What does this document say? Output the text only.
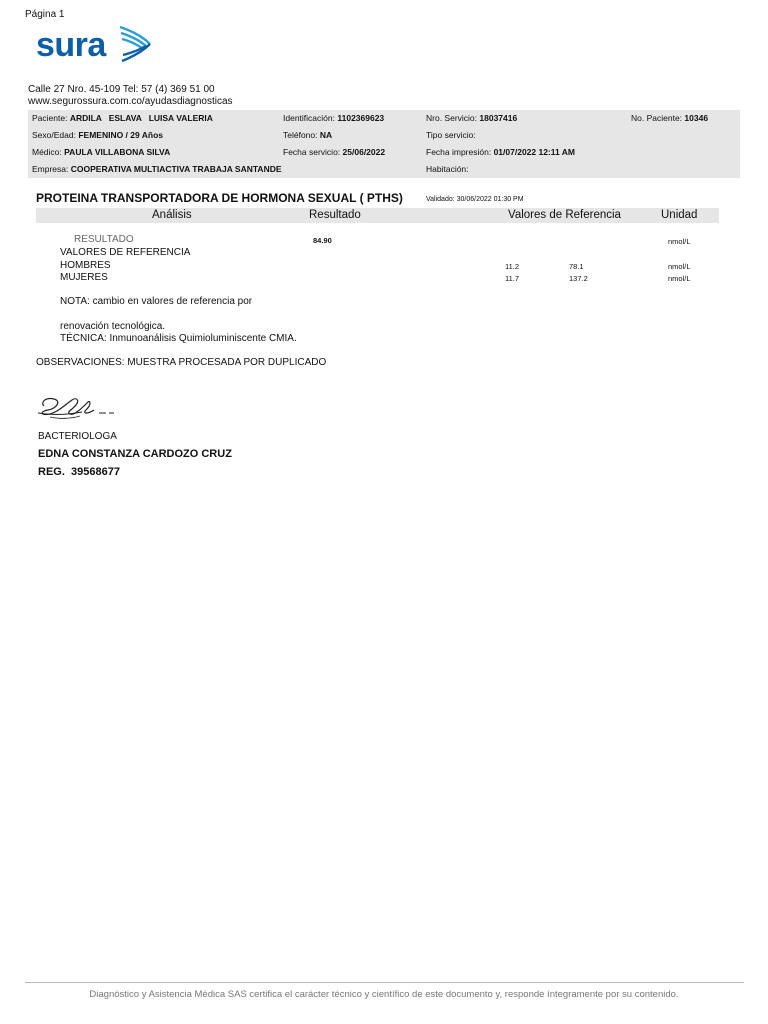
Página 1
sura
Calle 27 Nro. 45-109 Tel: 57 (4) 369 51 00
www.segurossura.com.co/ayudasdiagnosticas
Paciente: ARDILA   ESLAVA   LUISA VALERIA	Identificación: 1102369623	Nro. Servicio: 18037416	No. Paciente: 10346
Sexo/Edad: FEMENINO / 29 Años	Teléfono: NA	Tipo servicio:
Médico: PAULA VILLABONA SILVA	Fecha servicio: 25/06/2022	Fecha impresión: 01/07/2022 12:11 AM
Empresa: COOPERATIVA MULTIACTIVA TRABAJA SANTANDE	Habitación:
PROTEINA TRANSPORTADORA DE HORMONA SEXUAL ( PTHS)	Validado: 30/06/2022 01:30 PM
Análisis	Resultado	Valores de Referencia	Unidad
RESULTADO	84.90	nmol/L
VALORES DE REFERENCIA
HOMBRES	11.2	78.1	nmol/L
MUJERES	11.7	137.2	nmol/L
NOTA: cambio en valores de referencia por
renovación tecnológica.
TÉCNICA: Inmunoanálisis Quimioluminiscente CMIA.
OBSERVACIONES: MUESTRA PROCESADA POR DUPLICADO
BACTERIOLOGA
EDNA CONSTANZA CARDOZO CRUZ
REG.  39568677
Diagnóstico y Asistencia Médica SAS certifica el carácter técnico y científico de este documento y, responde íntegramente por su contenido.
